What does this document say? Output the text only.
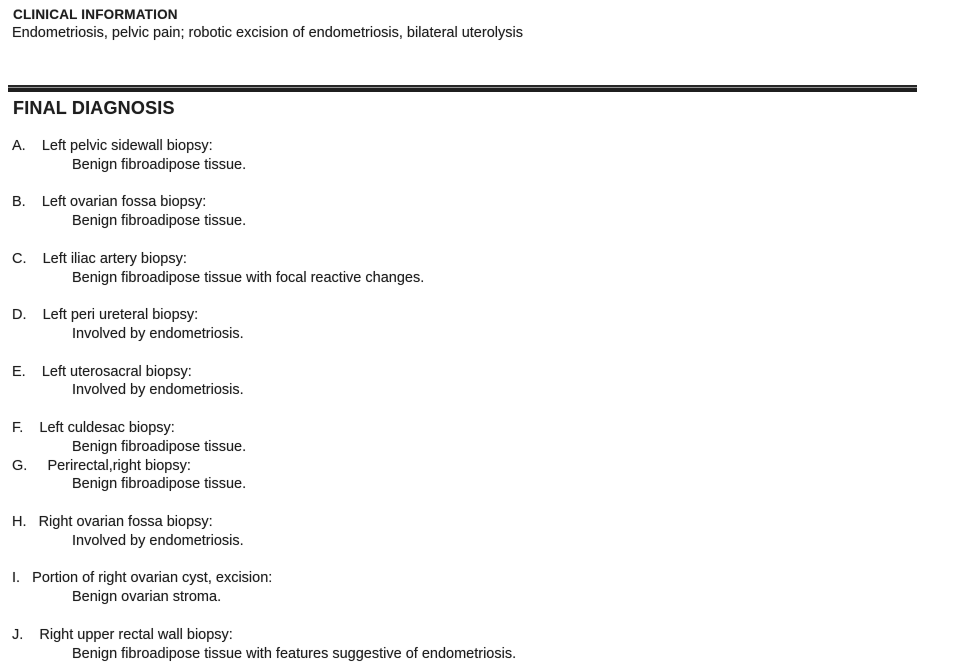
CLINICAL INFORMATION
Endometriosis, pelvic pain; robotic excision of endometriosis, bilateral uterolysis
FINAL DIAGNOSIS
A.    Left pelvic sidewall biopsy:
Benign fibroadipose tissue.
B.    Left ovarian fossa biopsy:
Benign fibroadipose tissue.
C.    Left iliac artery biopsy:
Benign fibroadipose tissue with focal reactive changes.
D.    Left peri ureteral biopsy:
Involved by endometriosis.
E.    Left uterosacral biopsy:
Involved by endometriosis.
F.    Left culdesac biopsy:
Benign fibroadipose tissue.
G.     Perirectal,right biopsy:
Benign fibroadipose tissue.
H.   Right ovarian fossa biopsy:
Involved by endometriosis.
I.   Portion of right ovarian cyst, excision:
Benign ovarian stroma.
J.    Right upper rectal wall biopsy:
Benign fibroadipose tissue with features suggestive of endometriosis.
